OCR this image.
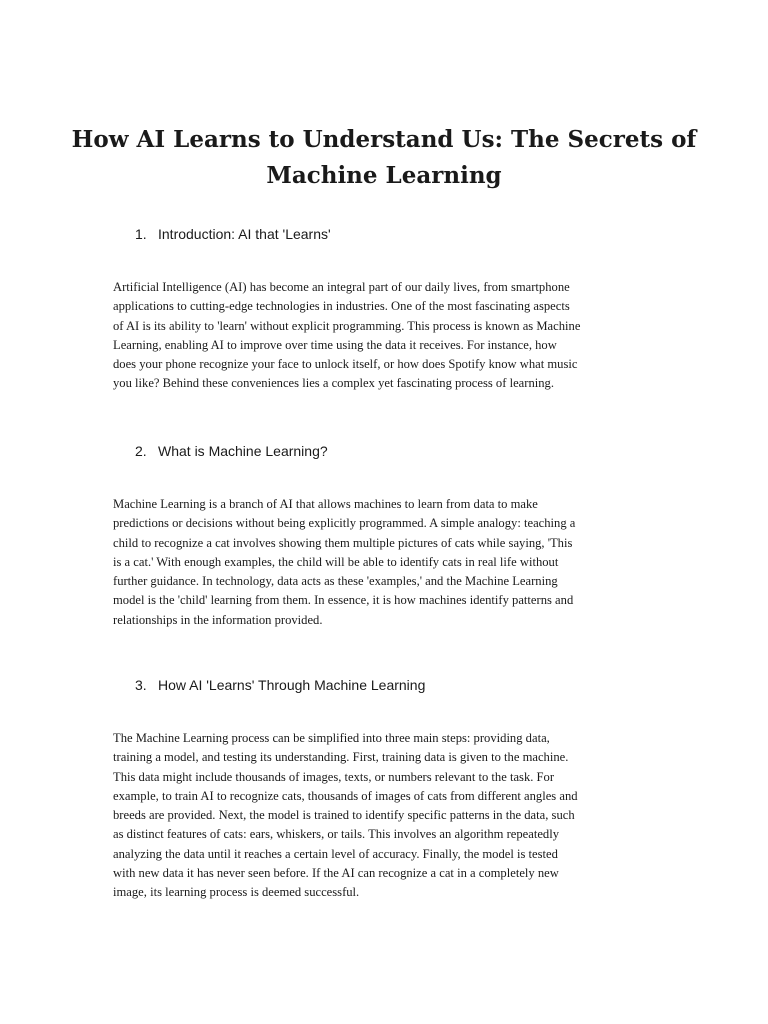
How AI Learns to Understand Us: The Secrets of
Machine Learning
1. Introduction: AI that 'Learns'

Artificial Intelligence (AI) has become an integral part of our daily lives, from smartphone
applications to cutting-edge technologies in industries. One of the most fascinating aspects
of AI is its ability to 'learn' without explicit programming. This process is known as Machine
Learning, enabling AI to improve over time using the data it receives. For instance, how
does your phone recognize your face to unlock itself, or how does Spotify know what music
you like? Behind these conveniences lies a complex yet fascinating process of learning.

2. What is Machine Learning?

Machine Learning is a branch of AI that allows machines to learn from data to make
predictions or decisions without being explicitly programmed. A simple analogy: teaching a
child to recognize a cat involves showing them multiple pictures of cats while saying, 'This
is a cat.' With enough examples, the child will be able to identify cats in real life without
further guidance. In technology, data acts as these 'examples,' and the Machine Learning
model is the 'child' learning from them. In essence, it is how machines identify patterns and
relationships in the information provided.

3. How AI 'Learns' Through Machine Learning

The Machine Learning process can be simplified into three main steps: providing data,
training a model, and testing its understanding. First, training data is given to the machine.
This data might include thousands of images, texts, or numbers relevant to the task. For
example, to train AI to recognize cats, thousands of images of cats from different angles and
breeds are provided. Next, the model is trained to identify specific patterns in the data, such
as distinct features of cats: ears, whiskers, or tails. This involves an algorithm repeatedly
analyzing the data until it reaches a certain level of accuracy. Finally, the model is tested
with new data it has never seen before. If the AI can recognize a cat in a completely new
image, its learning process is deemed successful.
